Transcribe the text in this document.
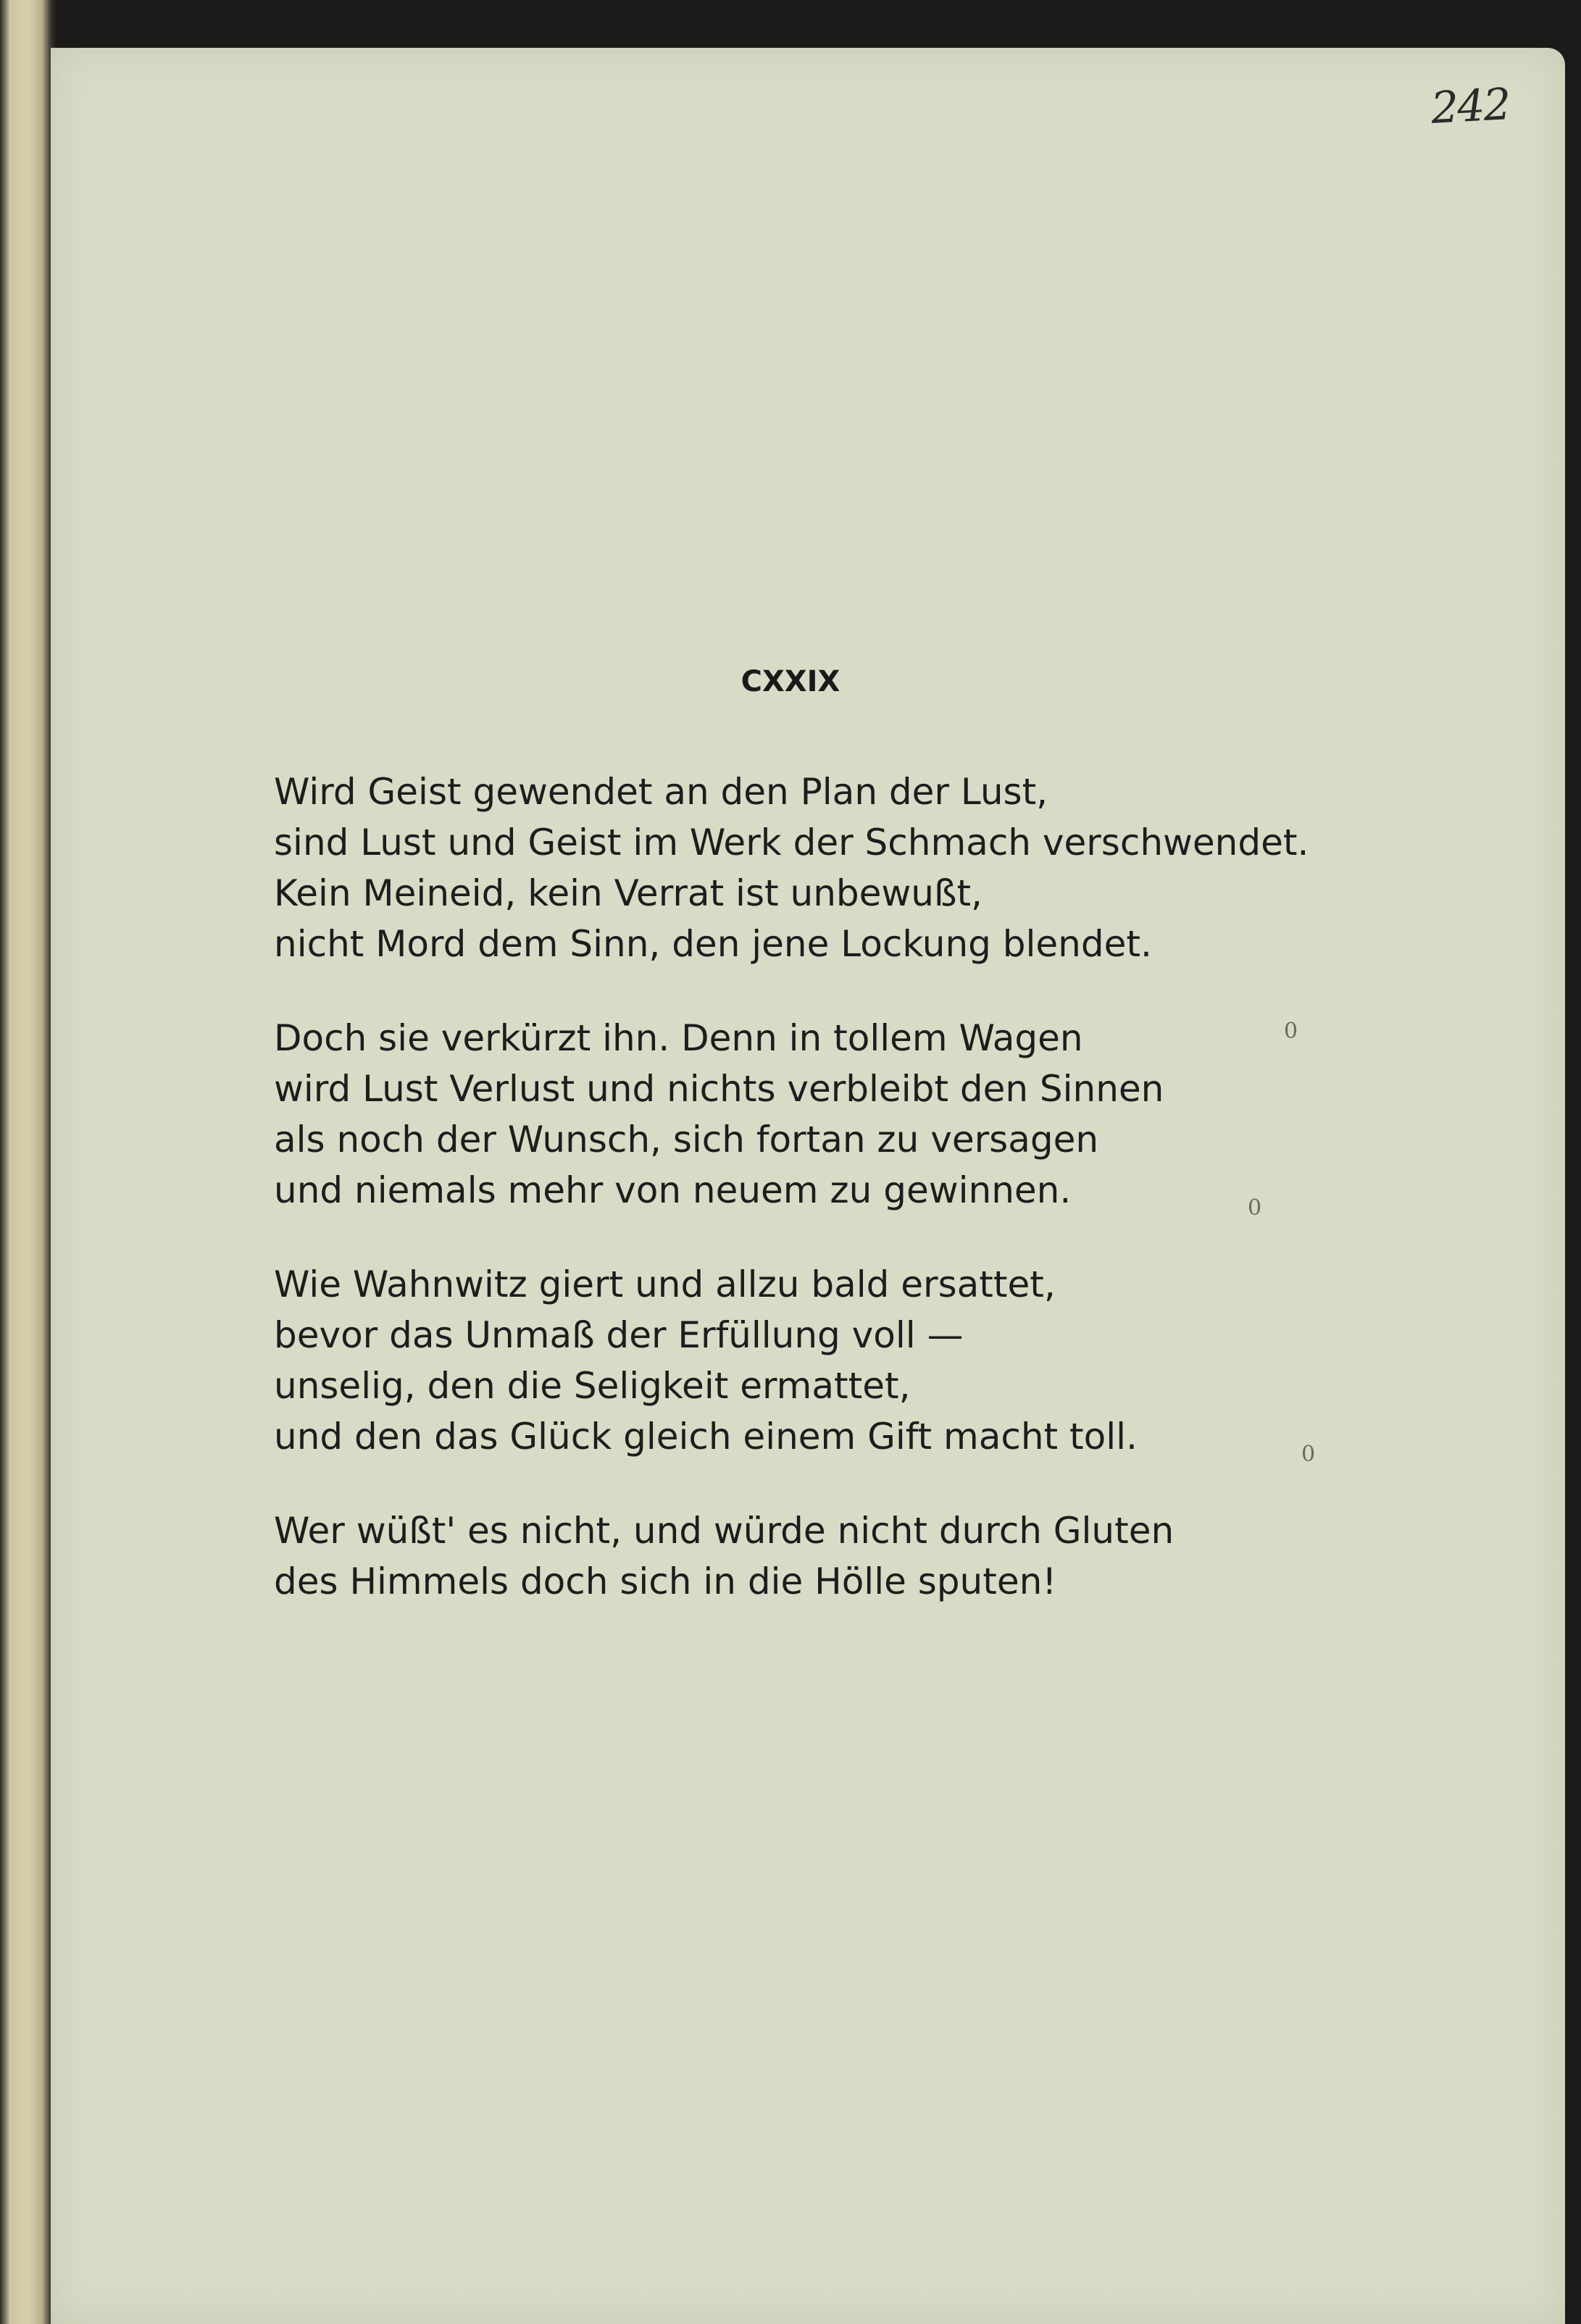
242
CXXIX
Wird Geist gewendet an den Plan der Lust,
sind Lust und Geist im Werk der Schmach verschwendet.
Kein Meineid, kein Verrat ist unbewußt,
nicht Mord dem Sinn, den jene Lockung blendet.
Doch sie verkürzt ihn. Denn in tollem Wagen
wird Lust Verlust und nichts verbleibt den Sinnen
als noch der Wunsch, sich fortan zu versagen
und niemals mehr von neuem zu gewinnen.
Wie Wahnwitz giert und allzu bald ersattet,
bevor das Unmaß der Erfüllung voll —
unselig, den die Seligkeit ermattet,
und den das Glück gleich einem Gift macht toll.
Wer wüßt' es nicht, und würde nicht durch Gluten
des Himmels doch sich in die Hölle sputen!
0
0
0
